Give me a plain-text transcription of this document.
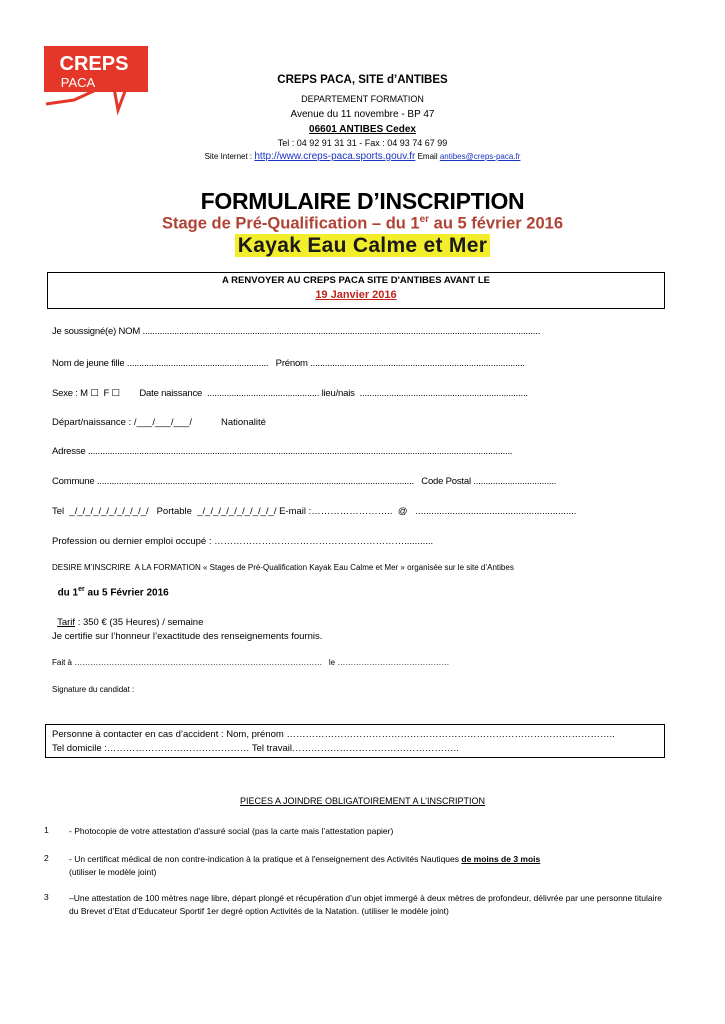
CREPS
PACA	CREPS PACA, SITE d’ANTIBES
DEPARTEMENT FORMATION
Avenue du 11 novembre - BP 47
06601 ANTIBES Cedex
Tel : 04 92 91 31 31 - Fax : 04 93 74 67 99
Site Internet : http://www.creps-paca.sports.gouv.fr Email antibes@creps-paca.fr
FORMULAIRE D’INSCRIPTION
Stage de Pré-Qualification – du 1er au 5 février 2016
Kayak Eau Calme et Mer
A RENVOYER AU CREPS PACA SITE D'ANTIBES AVANT LE
19 Janvier 2016
Je soussigné(e) NOM ...................................................................................................................................................................
Nom de jeune fille ..........................................................   Prénom ........................................................................................
Sexe : M ☐  F ☐        Date naissance  .............................................. lieu/nais  .....................................................................
Départ/naissance : /___/___/___/           Nationalité
Adresse ..............................................................................................................................................................................
Commune ..................................................................................................................................   Code Postal ..................................
Tel  _/_/_/_/_/_/_/_/_/_/   Portable  _/_/_/_/_/_/_/_/_/_/ E-mail :……………………..  @   .............................................................
Profession ou dernier emploi occupé : ……………………………………………………...........
DESIRE M’INSCRIRE  A LA FORMATION « Stages de Pré-Qualification Kayak Eau Calme et Mer » organisée sur le site d’Antibes

du 1er au 5 Février 2016

Tarif : 350 € (35 Heures) / semaine

Je certifie sur l’honneur l’exactitude des renseignements fournis.
Fait à …………………………………………………………………………………   le ……………………………………
Signature du candidat :
Personne à contacter en cas d’accident : Nom, prénom …………………………………………………………………………………………..
Tel domicile :……………………………………… Tel travail……………………………………………..
PIECES A JOINDRE OBLIGATOIREMENT A L’INSCRIPTION
1 - Photocopie de votre attestation d'assuré social (pas la carte mais l’attestation papier)
2 - Un certificat médical de non contre-indication à la pratique et à l'enseignement des Activités Nautiques de moins de 3 mois
(utiliser le modèle joint)
3 –Une attestation de 100 mètres nage libre, départ plongé et récupération d’un objet immergé à deux mètres de profondeur, délivrée par une personne titulaire du Brevet d’Etat d’Educateur Sportif 1er degré option Activités de la Natation. (utiliser le modèle joint)
